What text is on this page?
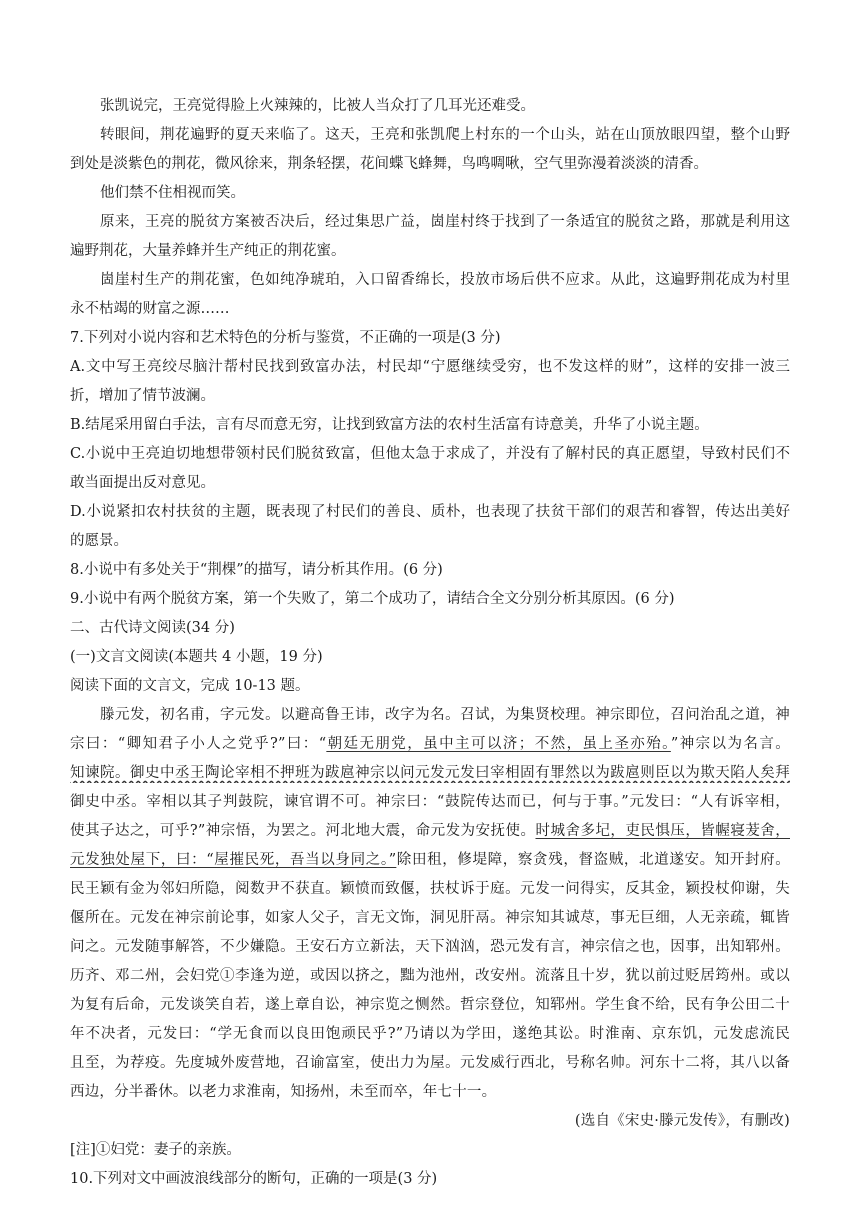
张凯说完，王亮觉得脸上火辣辣的，比被人当众打了几耳光还难受。
转眼间，荆花遍野的夏天来临了。这天，王亮和张凯爬上村东的一个山头，站在山顶放眼四望，整个山野
到处是淡紫色的荆花，微风徐来，荆条轻摆，花间蝶飞蜂舞，鸟鸣啁啾，空气里弥漫着淡淡的清香。
他们禁不住相视而笑。
原来，王亮的脱贫方案被否决后，经过集思广益，崮崖村终于找到了一条适宜的脱贫之路，那就是利用这
遍野荆花，大量养蜂并生产纯正的荆花蜜。
崮崖村生产的荆花蜜，色如纯净琥珀，入口留香绵长，投放市场后供不应求。从此，这遍野荆花成为村里
永不枯竭的财富之源……
7.下列对小说内容和艺术特色的分析与鉴赏，不正确的一项是(3 分)
A.文中写王亮绞尽脑汁帮村民找到致富办法，村民却“宁愿继续受穷，也不发这样的财”，这样的安排一波三
折，增加了情节波澜。
B.结尾采用留白手法，言有尽而意无穷，让找到致富方法的农村生活富有诗意美，升华了小说主题。
C.小说中王亮迫切地想带领村民们脱贫致富，但他太急于求成了，并没有了解村民的真正愿望，导致村民们不
敢当面提出反对意见。
D.小说紧扣农村扶贫的主题，既表现了村民们的善良、质朴，也表现了扶贫干部们的艰苦和睿智，传达出美好
的愿景。
8.小说中有多处关于“荆棵”的描写，请分析其作用。(6 分)
9.小说中有两个脱贫方案，第一个失败了，第二个成功了，请结合全文分别分析其原因。(6 分)
二、古代诗文阅读(34 分)
(一)文言文阅读(本题共 4 小题，19 分)
阅读下面的文言文，完成 10-13 题。
滕元发，初名甫，字元发。以避高鲁王讳，改字为名。召试，为集贤校理。神宗即位，召问治乱之道，神
宗曰：“卿知君子小人之党乎?”曰：“朝廷无朋党，虽中主可以济；不然，虽上圣亦殆。”神宗以为名言。
知谏院。御史中丞王陶论宰相不押班为跋扈神宗以问元发元发曰宰相固有罪然以为跋扈则臣以为欺天陷人矣拜
御史中丞。宰相以其子判鼓院，谏官谓不可。神宗曰：“鼓院传达而已，何与于事。”元发曰：“人有诉宰相，
使其子达之，可乎?”神宗悟，为罢之。河北地大震，命元发为安抚使。时城舍多圮，吏民惧压，皆幄寝茇舍，
元发独处屋下，曰：“屋摧民死，吾当以身同之。”除田租，修堤障，察贪残，督盗贼，北道遂安。知开封府。
民王颖有金为邻妇所隐，阅数尹不获直。颖愤而致偃，扶杖诉于庭。元发一问得实，反其金，颖投杖仰谢，失
偃所在。元发在神宗前论事，如家人父子，言无文饰，洞见肝鬲。神宗知其诚荩，事无巨细，人无亲疏，辄皆
问之。元发随事解答，不少嫌隐。王安石方立新法，天下汹汹，恐元发有言，神宗信之也，因事，出知郓州。
历齐、邓二州，会妇党①李逢为逆，或因以挤之，黜为池州，改安州。流落且十岁，犹以前过贬居筠州。或以
为复有后命，元发谈笑自若，遂上章自讼，神宗览之恻然。哲宗登位，知郓州。学生食不给，民有争公田二十
年不决者，元发曰：“学无食而以良田饱顽民乎?”乃请以为学田，遂绝其讼。时淮南、京东饥，元发虑流民
且至，为荐疫。先度城外废营地，召谕富室，使出力为屋。元发威行西北，号称名帅。河东十二将，其八以备
西边，分半番休。以老力求淮南，知扬州，未至而卒，年七十一。
(选自《宋史·滕元发传》，有删改)
[注]①妇党：妻子的亲族。
10.下列对文中画波浪线部分的断句，正确的一项是(3 分)
